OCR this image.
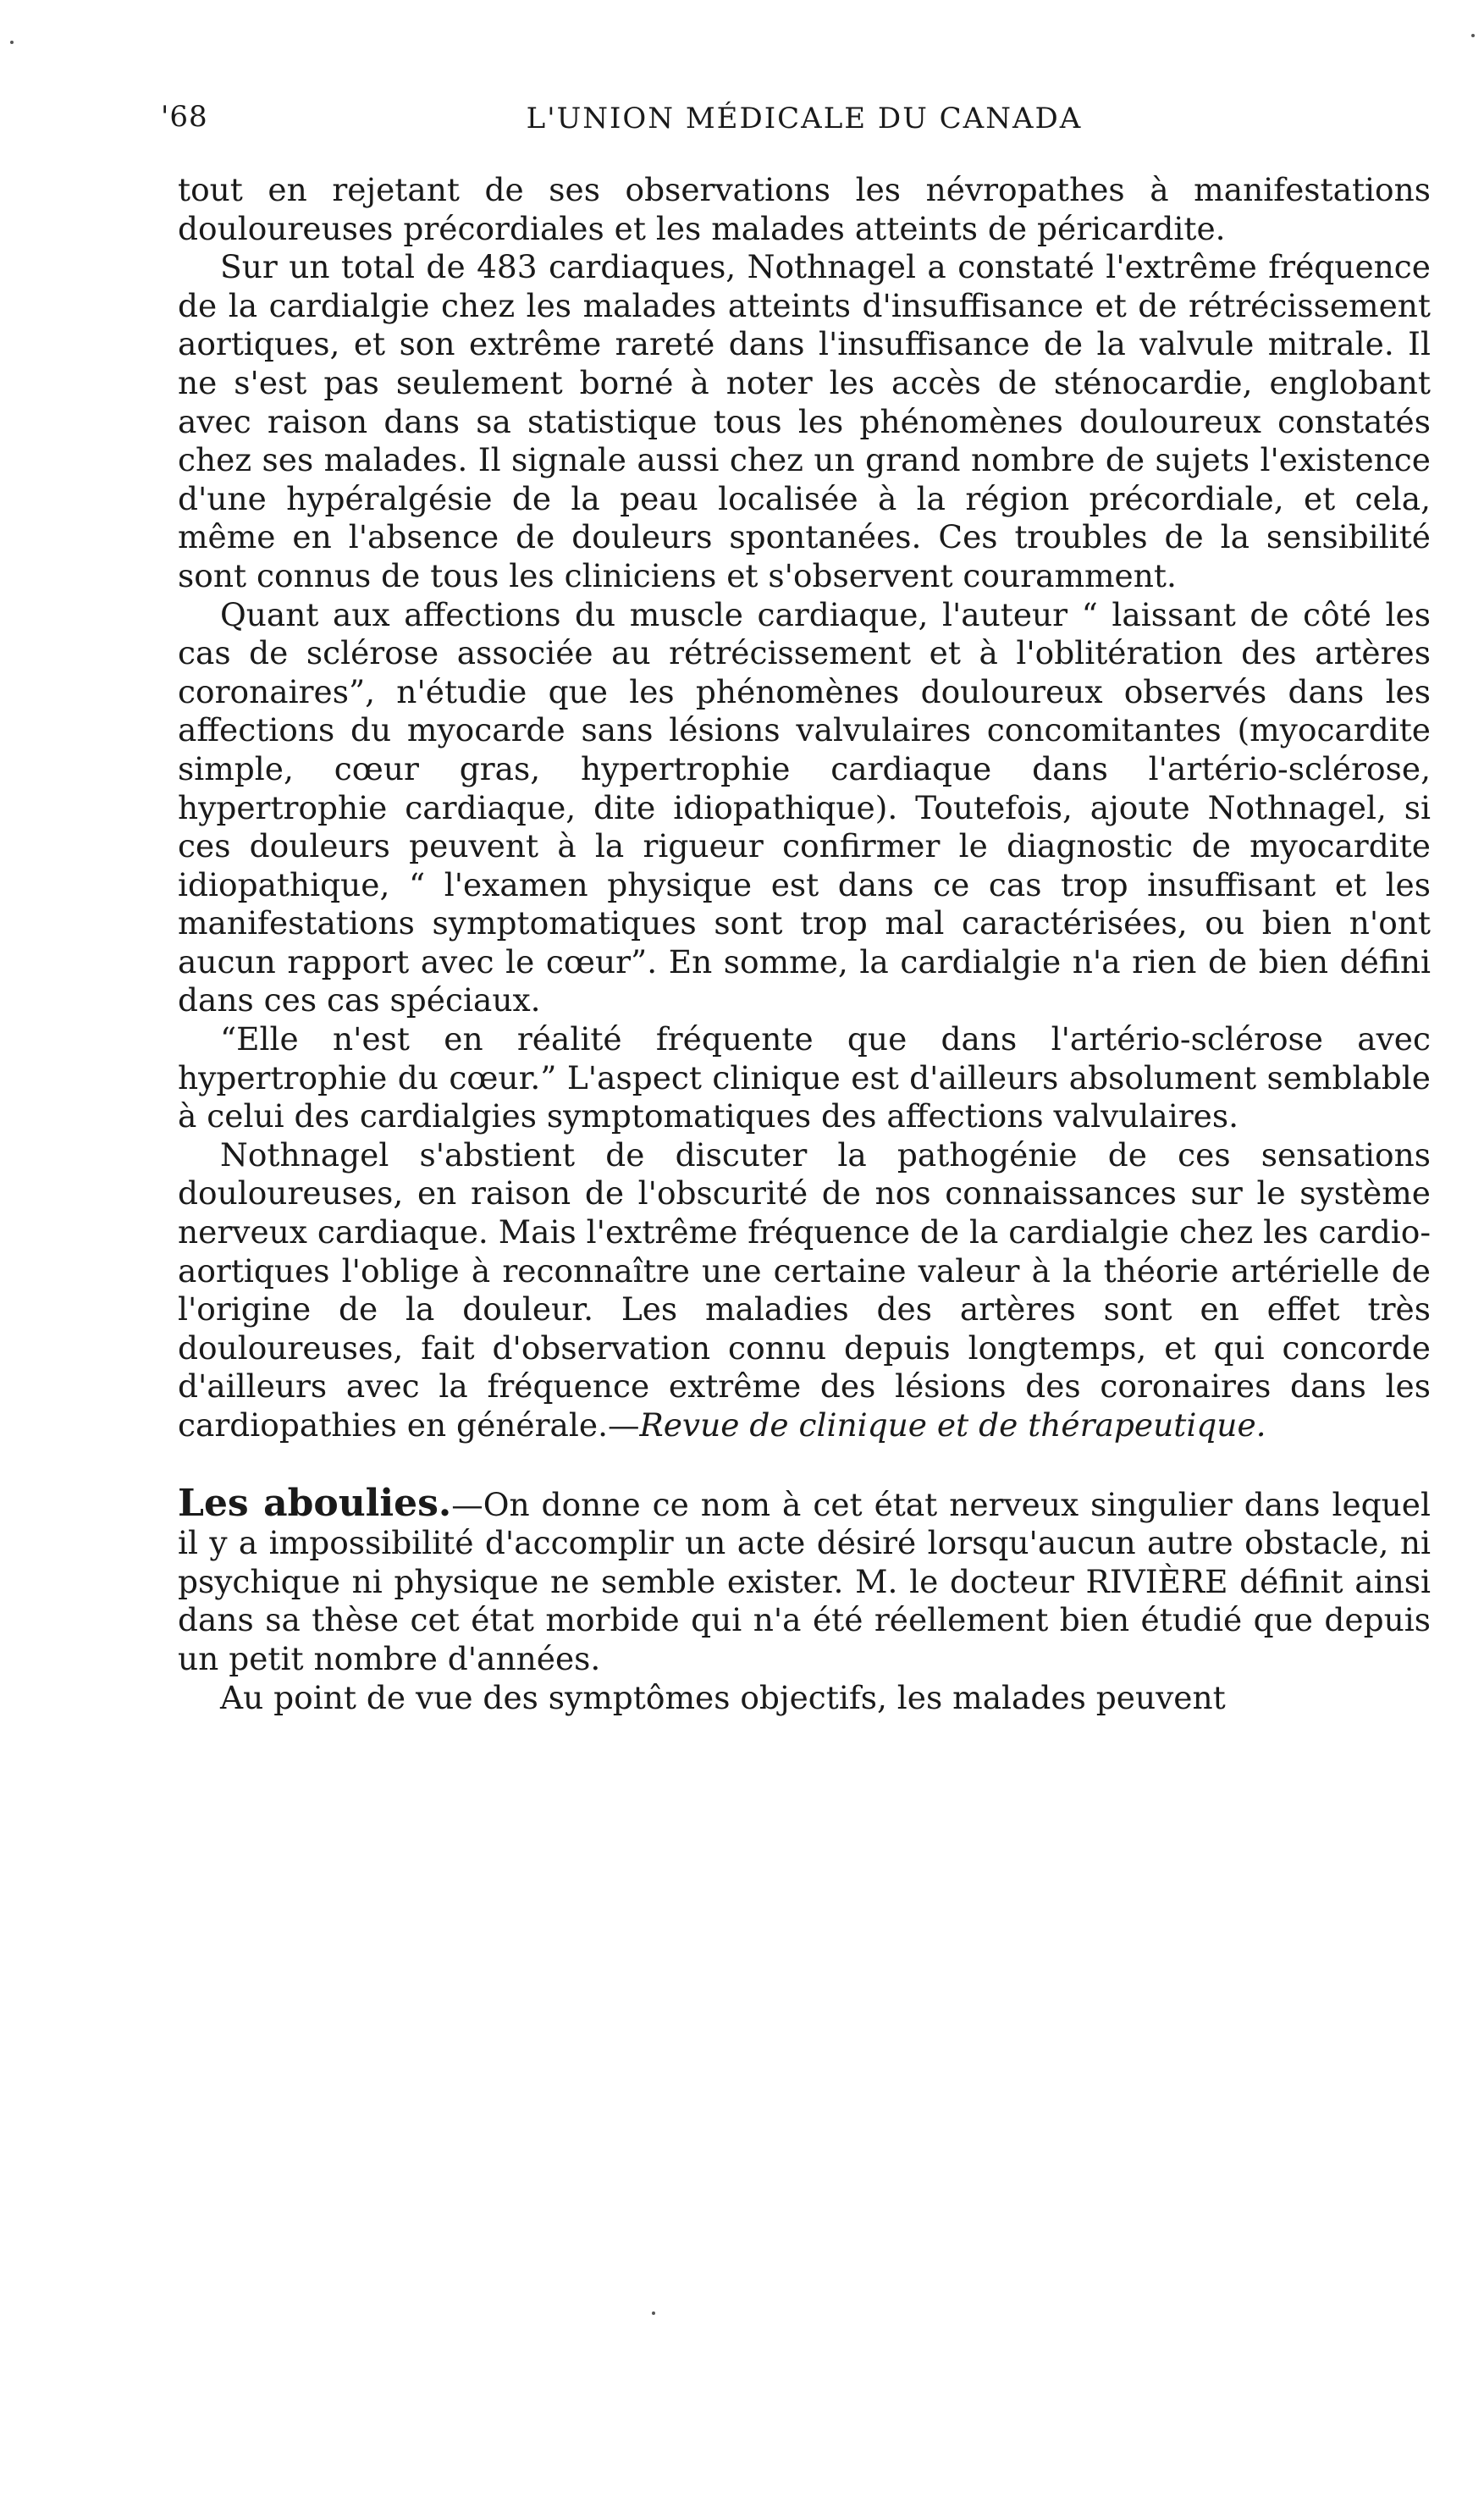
'68	L'UNION MÉDICALE DU CANADA

tout en rejetant de ses observations les névropathes à manifestations douloureuses précordiales et les malades atteints de péricardite.

Sur un total de 483 cardiaques, Nothnagel a constaté l'extrême fréquence de la cardialgie chez les malades atteints d'insuffisance et de rétrécissement aortiques, et son extrême rareté dans l'insuffisance de la valvule mitrale. Il ne s'est pas seulement borné à noter les accès de sténocardie, englobant avec raison dans sa statistique tous les phénomènes douloureux constatés chez ses malades. Il signale aussi chez un grand nombre de sujets l'existence d'une hypéralgésie de la peau localisée à la région précordiale, et cela, même en l'absence de douleurs spontanées. Ces troubles de la sensibilité sont connus de tous les cliniciens et s'observent couramment.

Quant aux affections du muscle cardiaque, l'auteur “ laissant de côté les cas de sclérose associée au rétrécissement et à l'oblitération des artères coronaires”, n'étudie que les phénomènes douloureux observés dans les affections du myocarde sans lésions valvulaires concomitantes (myocardite simple, cœur gras, hypertrophie cardiaque dans l'artério-sclérose, hypertrophie cardiaque, dite idiopathique). Toutefois, ajoute Nothnagel, si ces douleurs peuvent à la rigueur confirmer le diagnostic de myocardite idiopathique, “ l'examen physique est dans ce cas trop insuffisant et les manifestations symptomatiques sont trop mal caractérisées, ou bien n'ont aucun rapport avec le cœur”. En somme, la cardialgie n'a rien de bien défini dans ces cas spéciaux.

“Elle n'est en réalité fréquente que dans l'artério-sclérose avec hypertrophie du cœur.” L'aspect clinique est d'ailleurs absolument semblable à celui des cardialgies symptomatiques des affections valvulaires.

Nothnagel s'abstient de discuter la pathogénie de ces sensations douloureuses, en raison de l'obscurité de nos connaissances sur le système nerveux cardiaque. Mais l'extrême fréquence de la cardialgie chez les cardio-aortiques l'oblige à reconnaître une certaine valeur à la théorie artérielle de l'origine de la douleur. Les maladies des artères sont en effet très douloureuses, fait d'observation connu depuis longtemps, et qui concorde d'ailleurs avec la fréquence extrême des lésions des coronaires dans les cardiopathies en générale.—Revue de clinique et de thérapeutique.

Les aboulies.—On donne ce nom à cet état nerveux singulier dans lequel il y a impossibilité d'accomplir un acte désiré lorsqu'aucun autre obstacle, ni psychique ni physique ne semble exister. M. le docteur RIVIÈRE définit ainsi dans sa thèse cet état morbide qui n'a été réellement bien étudié que depuis un petit nombre d'années.

Au point de vue des symptômes objectifs, les malades peuvent
